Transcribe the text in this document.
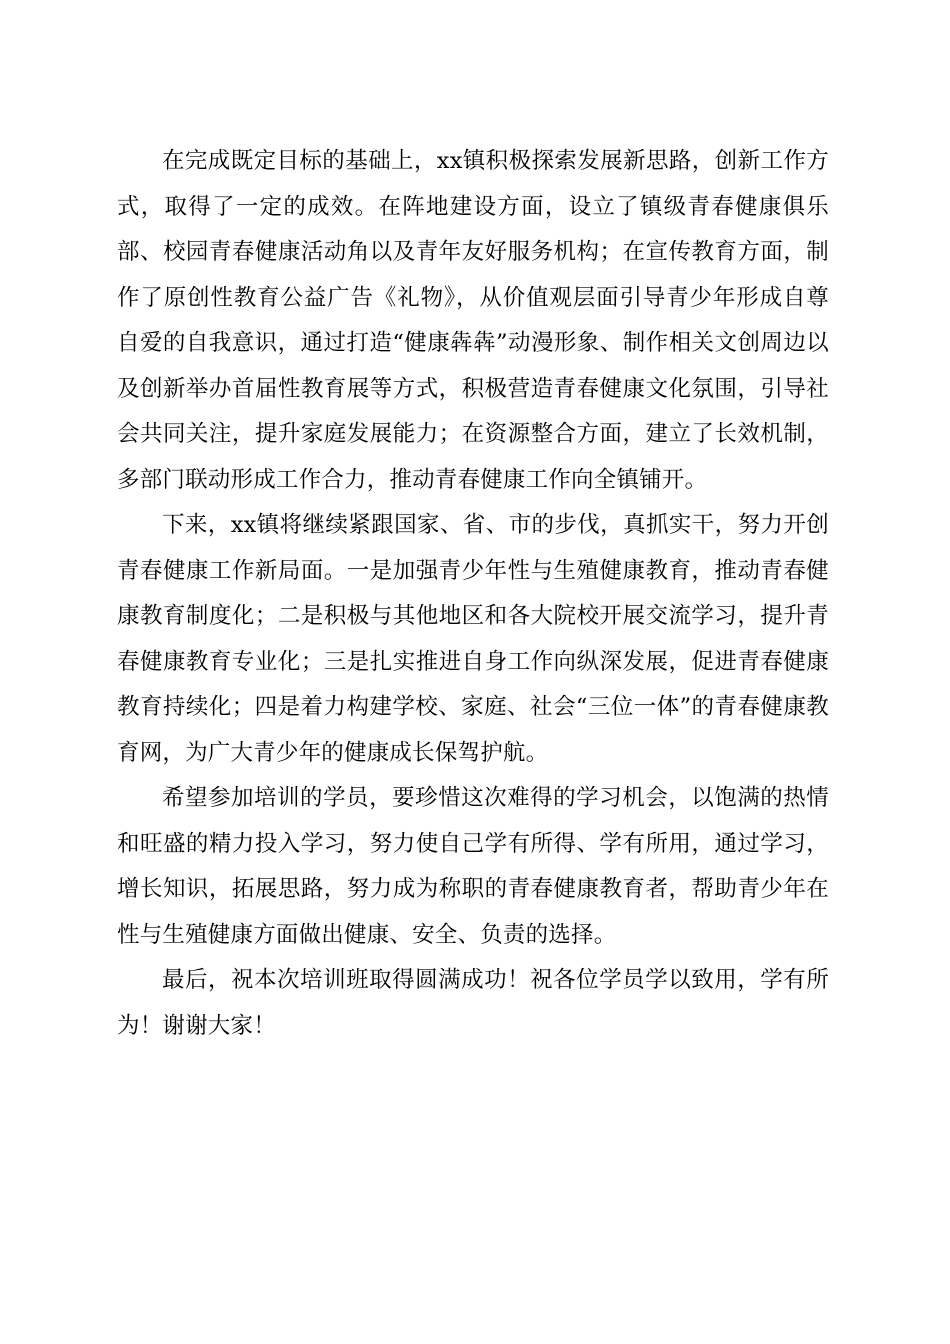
在完成既定目标的基础上，xx镇积极探索发展新思路，创新工作方式，取得了一定的成效。在阵地建设方面，设立了镇级青春健康俱乐部、校园青春健康活动角以及青年友好服务机构；在宣传教育方面，制作了原创性教育公益广告《礼物》，从价值观层面引导青少年形成自尊自爱的自我意识，通过打造“健康犇犇”动漫形象、制作相关文创周边以及创新举办首届性教育展等方式，积极营造青春健康文化氛围，引导社会共同关注，提升家庭发展能力；在资源整合方面，建立了长效机制，多部门联动形成工作合力，推动青春健康工作向全镇铺开。

下来，xx镇将继续紧跟国家、省、市的步伐，真抓实干，努力开创青春健康工作新局面。一是加强青少年性与生殖健康教育，推动青春健康教育制度化；二是积极与其他地区和各大院校开展交流学习，提升青春健康教育专业化；三是扎实推进自身工作向纵深发展，促进青春健康教育持续化；四是着力构建学校、家庭、社会“三位一体”的青春健康教育网，为广大青少年的健康成长保驾护航。

希望参加培训的学员，要珍惜这次难得的学习机会，以饱满的热情和旺盛的精力投入学习，努力使自己学有所得、学有所用，通过学习，增长知识，拓展思路，努力成为称职的青春健康教育者，帮助青少年在性与生殖健康方面做出健康、安全、负责的选择。

最后，祝本次培训班取得圆满成功！祝各位学员学以致用，学有所为！谢谢大家！
